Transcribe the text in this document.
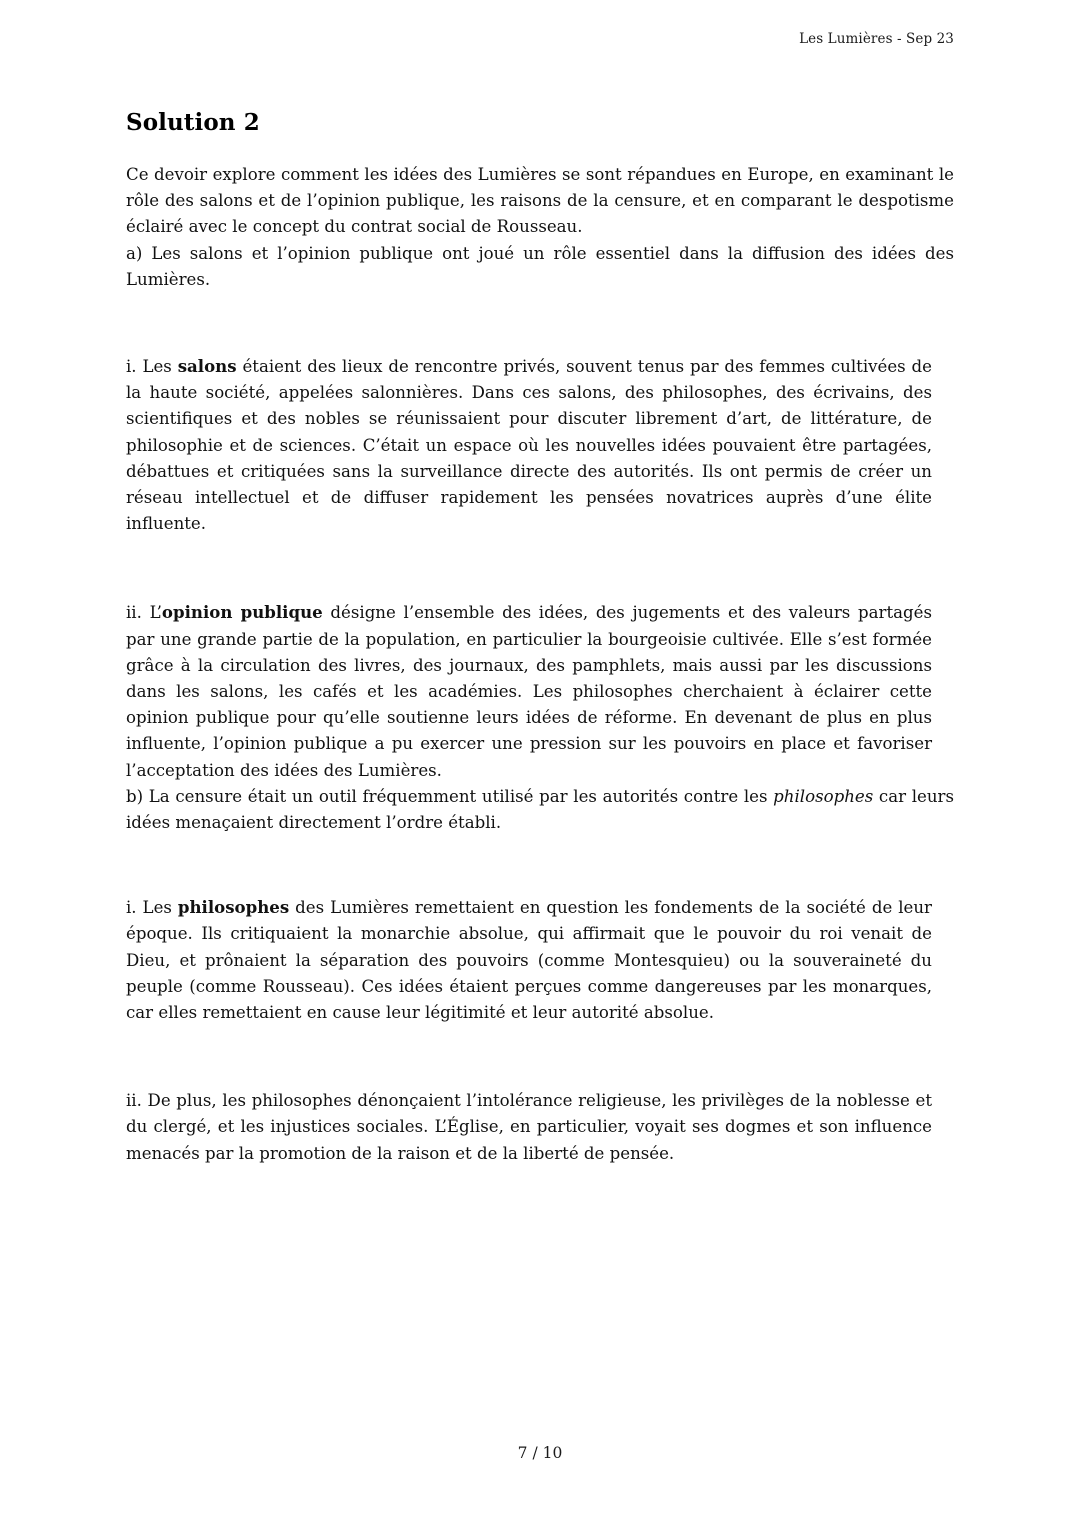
Les Lumières - Sep 23
Solution 2

Ce devoir explore comment les idées des Lumières se sont répandues en Europe, en examinant le rôle des salons et de l’opinion publique, les raisons de la censure, et en comparant le despotisme éclairé avec le concept du contrat social de Rousseau.

a) Les salons et l’opinion publique ont joué un rôle essentiel dans la diffusion des idées des Lumières.

i. Les salons étaient des lieux de rencontre privés, souvent tenus par des femmes cultivées de la haute société, appelées salonnières. Dans ces salons, des philosophes, des écrivains, des scientifiques et des nobles se réunissaient pour discuter librement d’art, de littérature, de philosophie et de sciences. C’était un espace où les nouvelles idées pouvaient être partagées, débattues et critiquées sans la surveillance directe des autorités. Ils ont permis de créer un réseau intellectuel et de diffuser rapidement les pensées novatrices auprès d’une élite influente.

ii. L’opinion publique désigne l’ensemble des idées, des jugements et des valeurs partagés par une grande partie de la population, en particulier la bourgeoisie cultivée. Elle s’est formée grâce à la circulation des livres, des journaux, des pamphlets, mais aussi par les discussions dans les salons, les cafés et les académies. Les philosophes cherchaient à éclairer cette opinion publique pour qu’elle soutienne leurs idées de réforme. En devenant de plus en plus influente, l’opinion publique a pu exercer une pression sur les pouvoirs en place et favoriser l’acceptation des idées des Lumières.

b) La censure était un outil fréquemment utilisé par les autorités contre les philosophes car leurs idées menaçaient directement l’ordre établi.

i. Les philosophes des Lumières remettaient en question les fondements de la société de leur époque. Ils critiquaient la monarchie absolue, qui affirmait que le pouvoir du roi venait de Dieu, et prônaient la séparation des pouvoirs (comme Montesquieu) ou la souveraineté du peuple (comme Rousseau). Ces idées étaient perçues comme dangereuses par les monarques, car elles remettaient en cause leur légitimité et leur autorité absolue.

ii. De plus, les philosophes dénonçaient l’intolérance religieuse, les privilèges de la noblesse et du clergé, et les injustices sociales. L’Église, en particulier, voyait ses dogmes et son influence menacés par la promotion de la raison et de la liberté de pensée.

7 / 10
